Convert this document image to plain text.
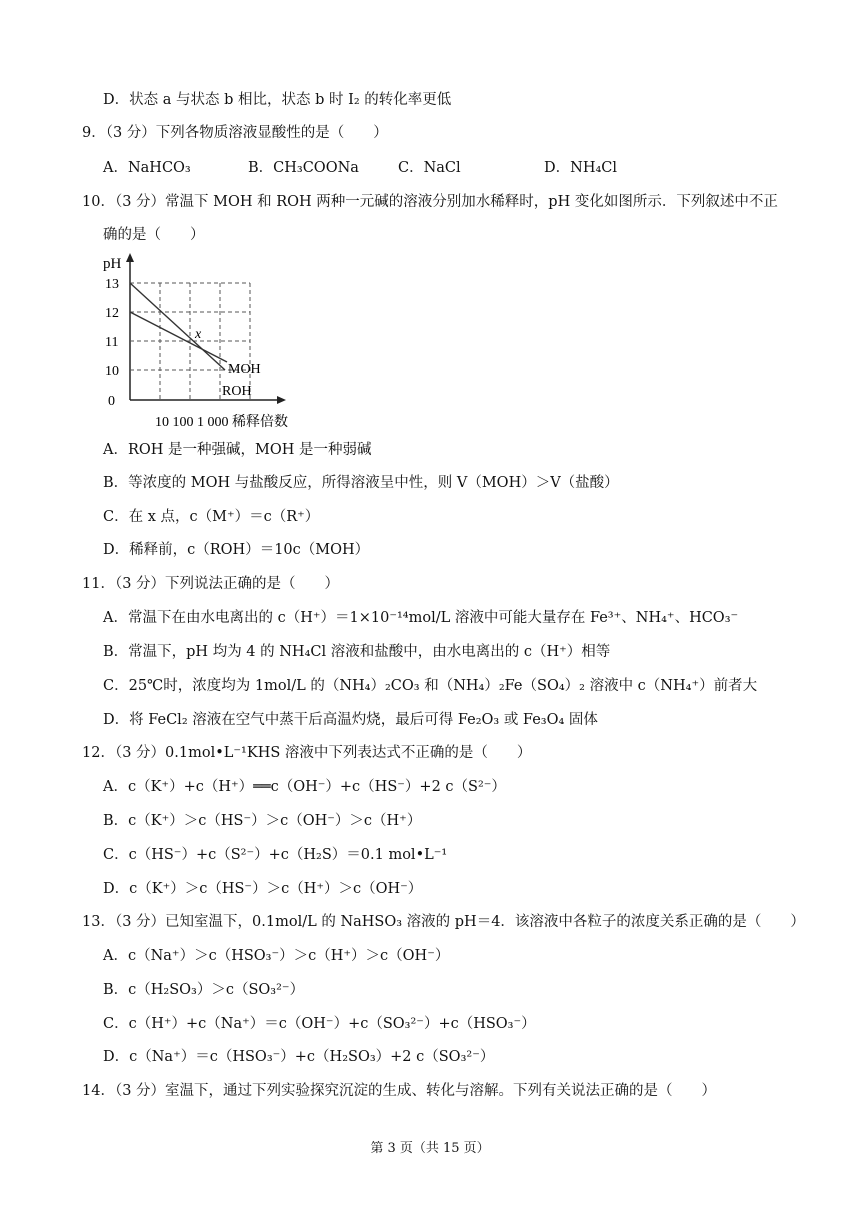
D．状态 a 与状态 b 相比，状态 b 时 I₂ 的转化率更低
9．（3 分）下列各物质溶液显酸性的是（　　）
A．NaHCO₃	B．CH₃COONa	C．NaCl	D．NH₄Cl
10．（3 分）常温下 MOH 和 ROH 两种一元碱的溶液分别加水稀释时，pH 变化如图所示．下列叙述中不正
确的是（　　）
pH
13
12
11
10
0
x
MOH
ROH
10 100 1 000 稀释倍数
A．ROH 是一种强碱，MOH 是一种弱碱
B．等浓度的 MOH 与盐酸反应，所得溶液呈中性，则 V（MOH）＞V（盐酸）
C．在 x 点，c（M⁺）＝c（R⁺）
D．稀释前，c（ROH）＝10c（MOH）
11．（3 分）下列说法正确的是（　　）
A．常温下在由水电离出的 c（H⁺）＝1×10⁻¹⁴mol/L 溶液中可能大量存在 Fe³⁺、NH₄⁺、HCO₃⁻
B．常温下，pH 均为 4 的 NH₄Cl 溶液和盐酸中，由水电离出的 c（H⁺）相等
C．25℃时，浓度均为 1mol/L 的（NH₄）₂CO₃ 和（NH₄）₂Fe（SO₄）₂ 溶液中 c（NH₄⁺）前者大
D．将 FeCl₂ 溶液在空气中蒸干后高温灼烧，最后可得 Fe₂O₃ 或 Fe₃O₄ 固体
12．（3 分）0.1mol•L⁻¹KHS 溶液中下列表达式不正确的是（　　）
A．c（K⁺）+c（H⁺）══c（OH⁻）+c（HS⁻）+2 c（S²⁻）
B．c（K⁺）＞c（HS⁻）＞c（OH⁻）＞c（H⁺）
C．c（HS⁻）+c（S²⁻）+c（H₂S）＝0.1 mol•L⁻¹
D．c（K⁺）＞c（HS⁻）＞c（H⁺）＞c（OH⁻）
13．（3 分）已知室温下，0.1mol/L 的 NaHSO₃ 溶液的 pH＝4．该溶液中各粒子的浓度关系正确的是（　　）
A．c（Na⁺）＞c（HSO₃⁻）＞c（H⁺）＞c（OH⁻）
B．c（H₂SO₃）＞c（SO₃²⁻）
C．c（H⁺）+c（Na⁺）＝c（OH⁻）+c（SO₃²⁻）+c（HSO₃⁻）
D．c（Na⁺）＝c（HSO₃⁻）+c（H₂SO₃）+2 c（SO₃²⁻）
14．（3 分）室温下，通过下列实验探究沉淀的生成、转化与溶解。下列有关说法正确的是（　　）
第 3 页（共 15 页）
